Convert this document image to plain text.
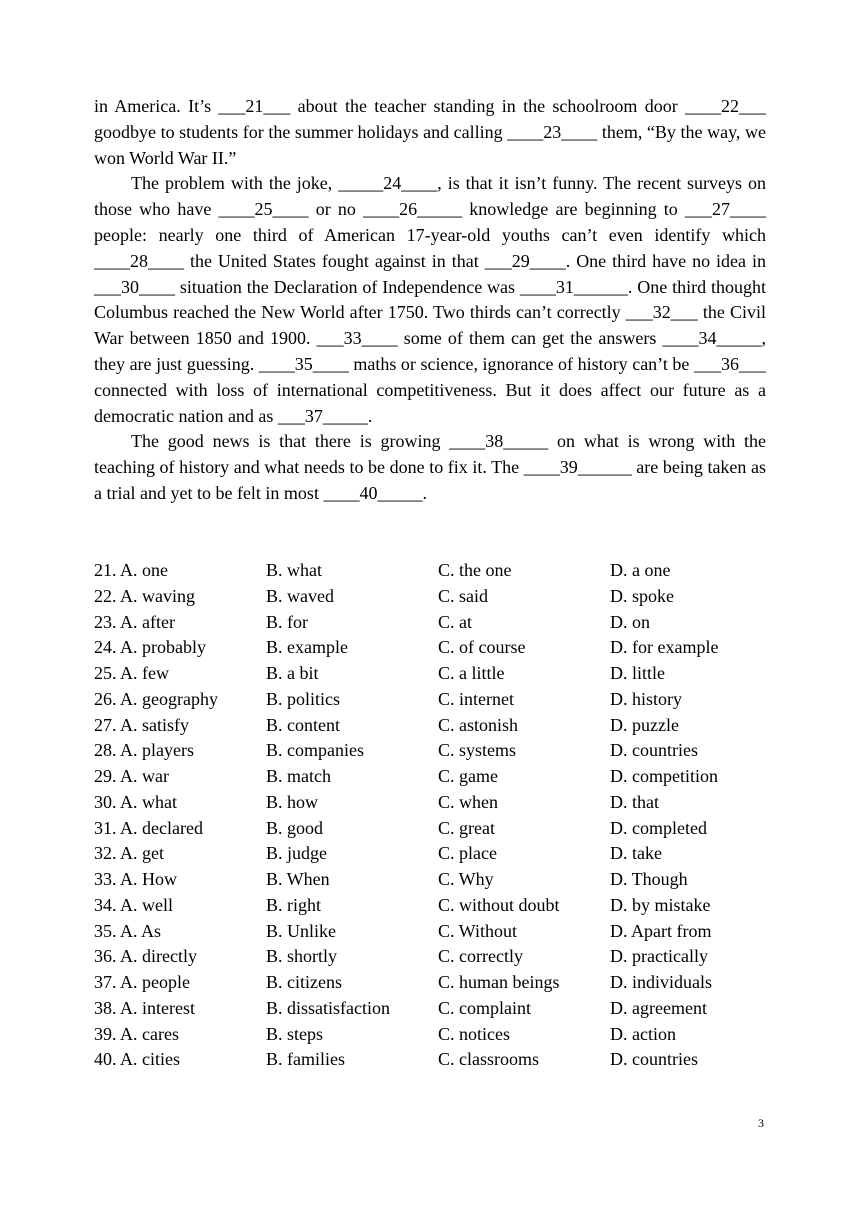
in America. It’s ___21___ about the teacher standing in the schoolroom door ____22___ goodbye to students for the summer holidays and calling ____23____ them, “By the way, we won World War II.”

The problem with the joke, _____24____, is that it isn’t funny. The recent surveys on those who have ____25____ or no ____26_____ knowledge are beginning to ___27____ people: nearly one third of American 17-year-old youths can’t even identify which ____28____ the United States fought against in that ___29____. One third have no idea in ___30____ situation the Declaration of Independence was ____31______. One third thought Columbus reached the New World after 1750. Two thirds can’t correctly ___32___ the Civil War between 1850 and 1900. ___33____ some of them can get the answers ____34_____, they are just guessing. ____35____ maths or science, ignorance of history can’t be ___36___ connected with loss of international competitiveness. But it does affect our future as a democratic nation and as ___37_____.

The good news is that there is growing ____38_____ on what is wrong with the teaching of history and what needs to be done to fix it. The ____39______ are being taken as a trial and yet to be felt in most ____40_____.

21. A. one	B. what	C. the one	D. a one
22. A. waving	B. waved	C. said	D. spoke
23. A. after	B. for	C. at	D. on
24. A. probably	B. example	C. of course	D. for example
25. A. few	B. a bit	C. a little	D. little
26. A. geography	B. politics	C. internet	D. history
27. A. satisfy	B. content	C. astonish	D. puzzle
28. A. players	B. companies	C. systems	D. countries
29. A. war	B. match	C. game	D. competition
30. A. what	B. how	C. when	D. that
31. A. declared	B. good	C. great	D. completed
32. A. get	B. judge	C. place	D. take
33. A. How	B. When	C. Why	D. Though
34. A. well	B. right	C. without doubt	D. by mistake
35. A. As	B. Unlike	C. Without	D. Apart from
36. A. directly	B. shortly	C. correctly	D. practically
37. A. people	B. citizens	C. human beings	D. individuals
38. A. interest	B. dissatisfaction	C. complaint	D. agreement
39. A. cares	B. steps	C. notices	D. action
40. A. cities	B. families	C. classrooms	D. countries
3
